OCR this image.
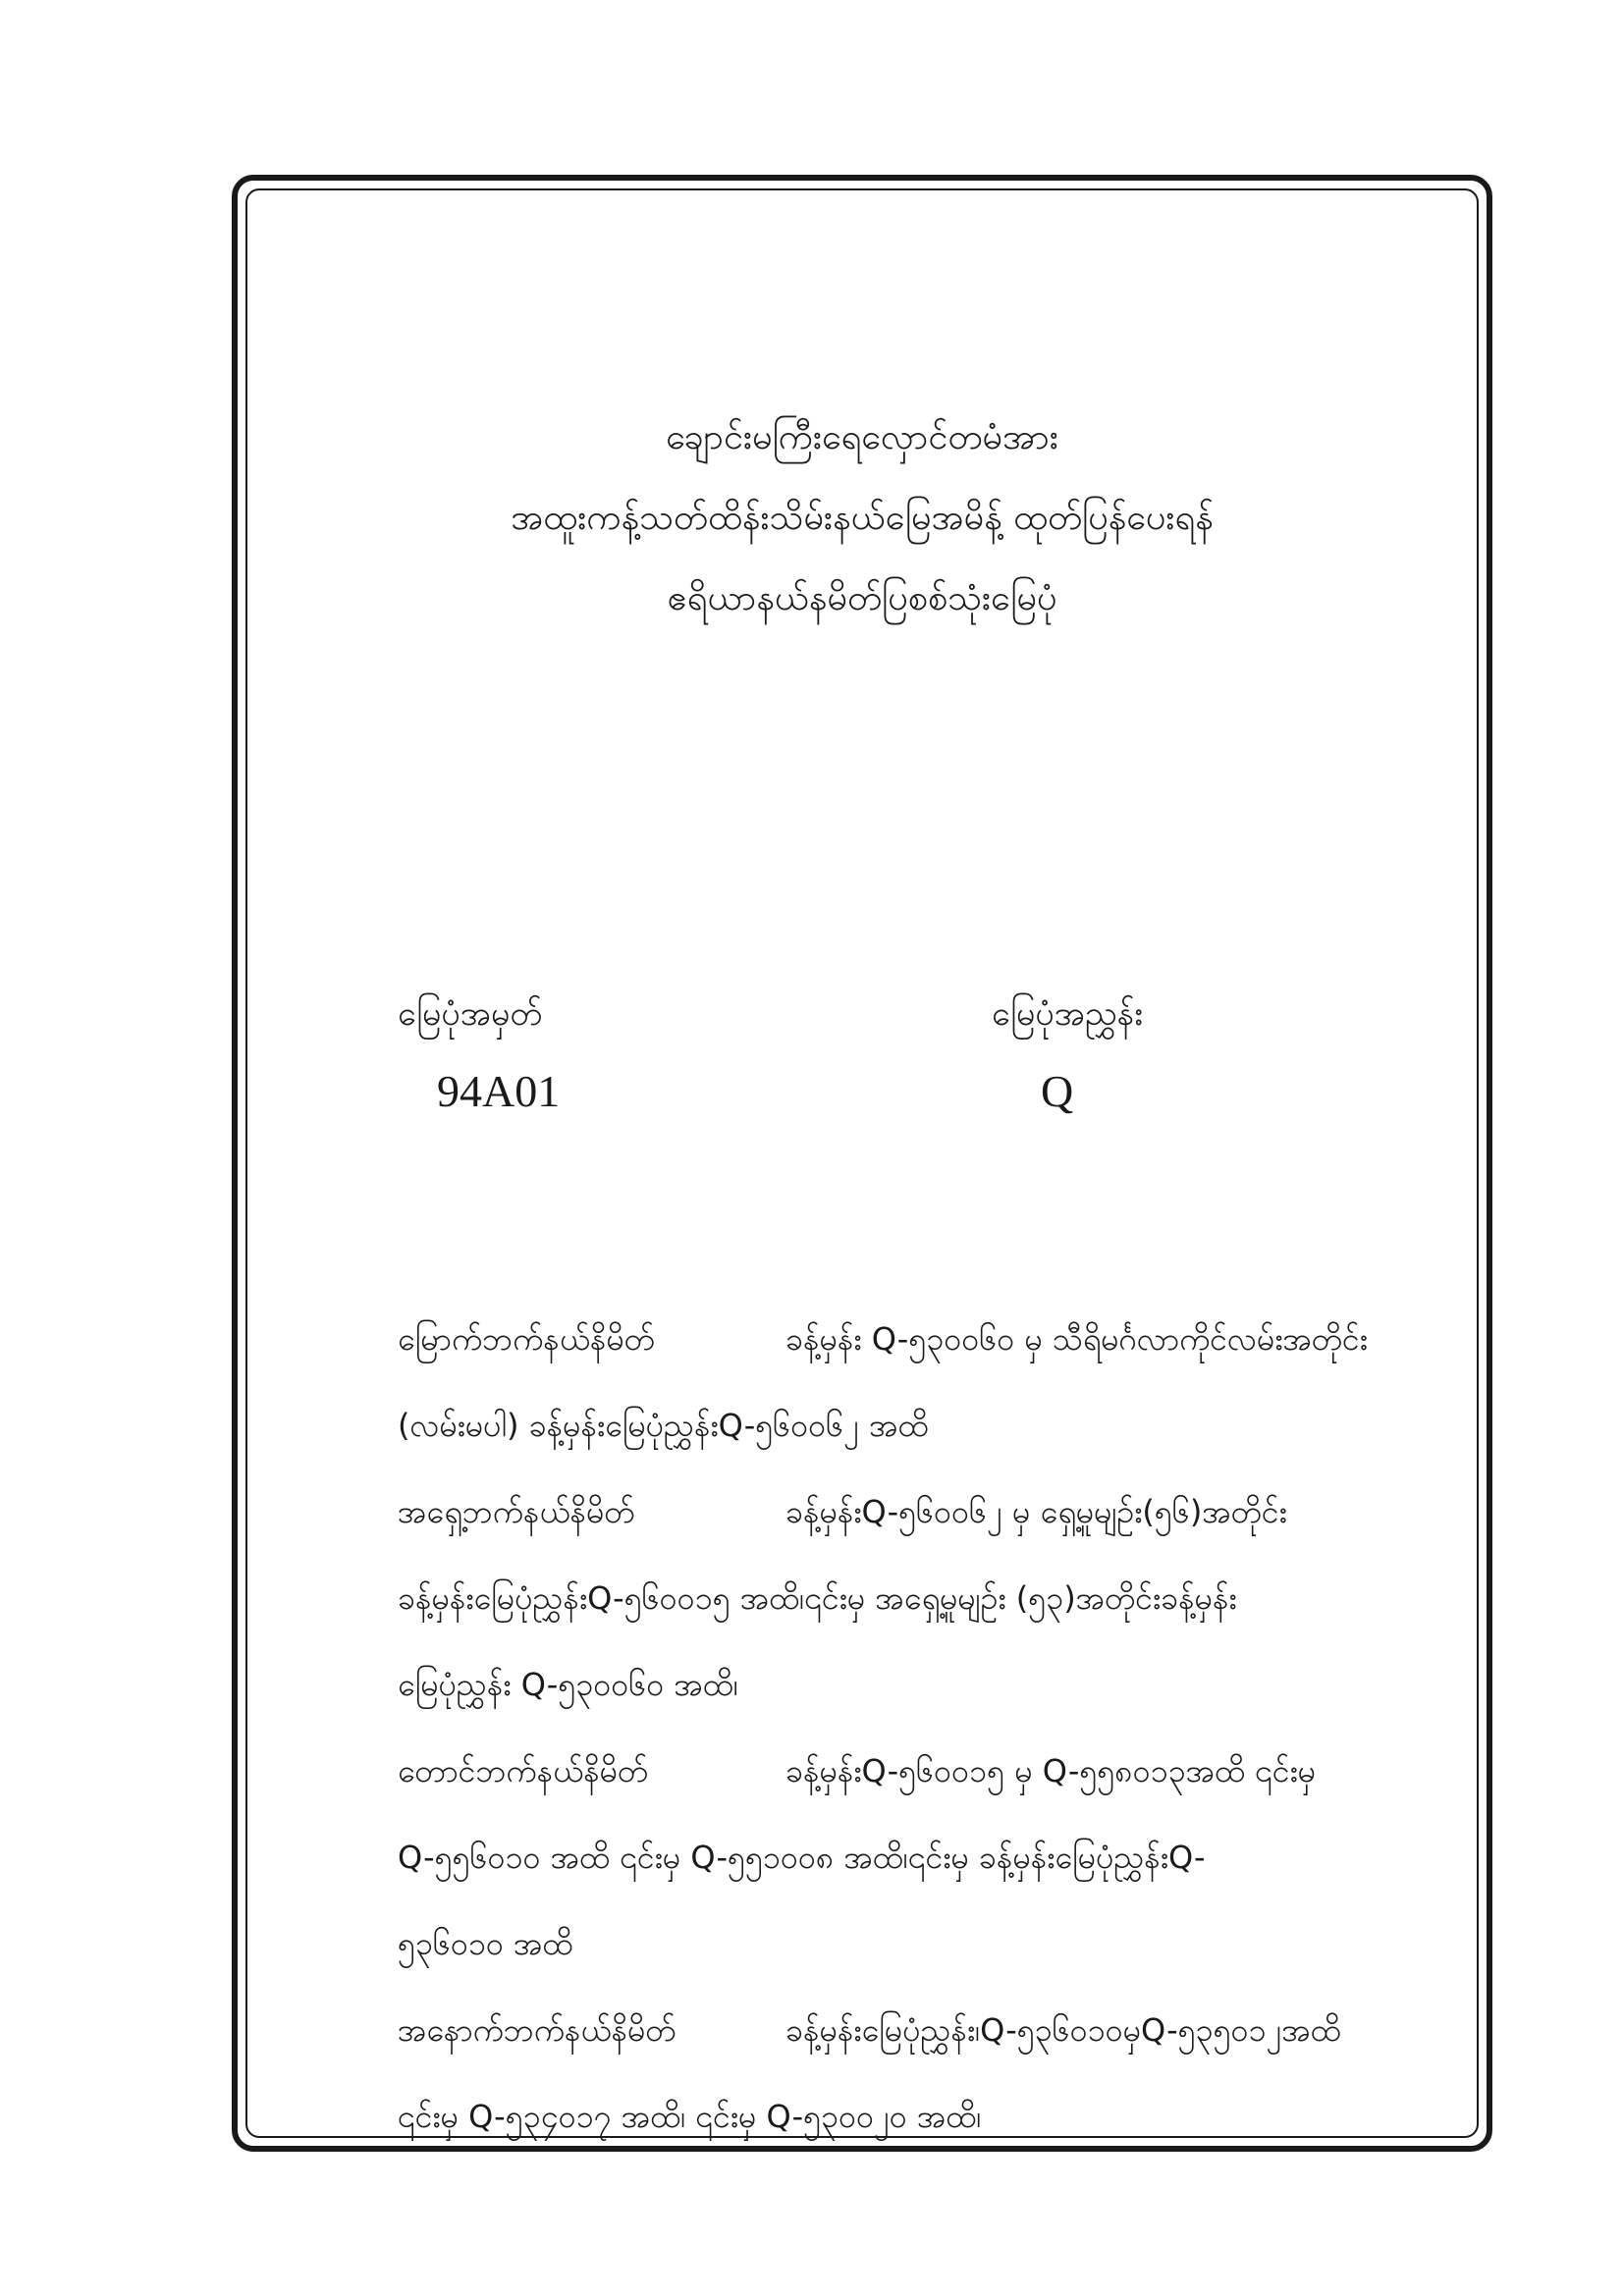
ချောင်းမကြီးရေလှောင်တမံအား
အထူးကန့်သတ်ထိန်းသိမ်းနယ်မြေအမိန့် ထုတ်ပြန်ပေးရန်
ဧရိယာနယ်နမိတ်ပြစစ်သုံးမြေပုံ
မြေပုံအမှတ်
94A01
မြေပုံအညွှန်း
Q
မြောက်ဘက်နယ်နိမိတ်	ခန့်မှန်း Q-၅၃၀၀၆၀ မှ သီရိမင်္ဂလာကိုင်လမ်းအတိုင်း
(လမ်းမပါ) ခန့်မှန်းမြေပုံညွှန်းQ-၅၆၀၀၆၂ အထိ
အရှေ့ဘက်နယ်နိမိတ်	ခန့်မှန်းQ-၅၆၀၀၆၂ မှ ရှေ့မူမျဉ်း(၅၆)အတိုင်း
ခန့်မှန်းမြေပုံညွှန်းQ-၅၆၀၀၁၅ အထိ၊၎င်းမှ အရှေ့မူမျဉ်း (၅၃)အတိုင်းခန့်မှန်း
မြေပုံညွှန်း Q-၅၃၀၀၆၀ အထိ၊
တောင်ဘက်နယ်နိမိတ်	ခန့်မှန်းQ-၅၆၀၀၁၅ မှ Q-၅၅၈၀၁၃အထိ ၎င်းမှ
Q-၅၅၆၀၁၀ အထိ ၎င်းမှ Q-၅၅၁၀၀၈ အထိ၊၎င်းမှ ခန့်မှန်းမြေပုံညွှန်းQ-
၅၃၆၀၁၀ အထိ
အနောက်ဘက်နယ်နိမိတ်	ခန့်မှန်းမြေပုံညွှန်း၊Q-၅၃၆၀၁၀မှQ-၅၃၅၀၁၂အထိ
၎င်းမှ Q-၅၃၄၀၁၇ အထိ၊ ၎င်းမှ Q-၅၃၀၀၂၀ အထိ၊
